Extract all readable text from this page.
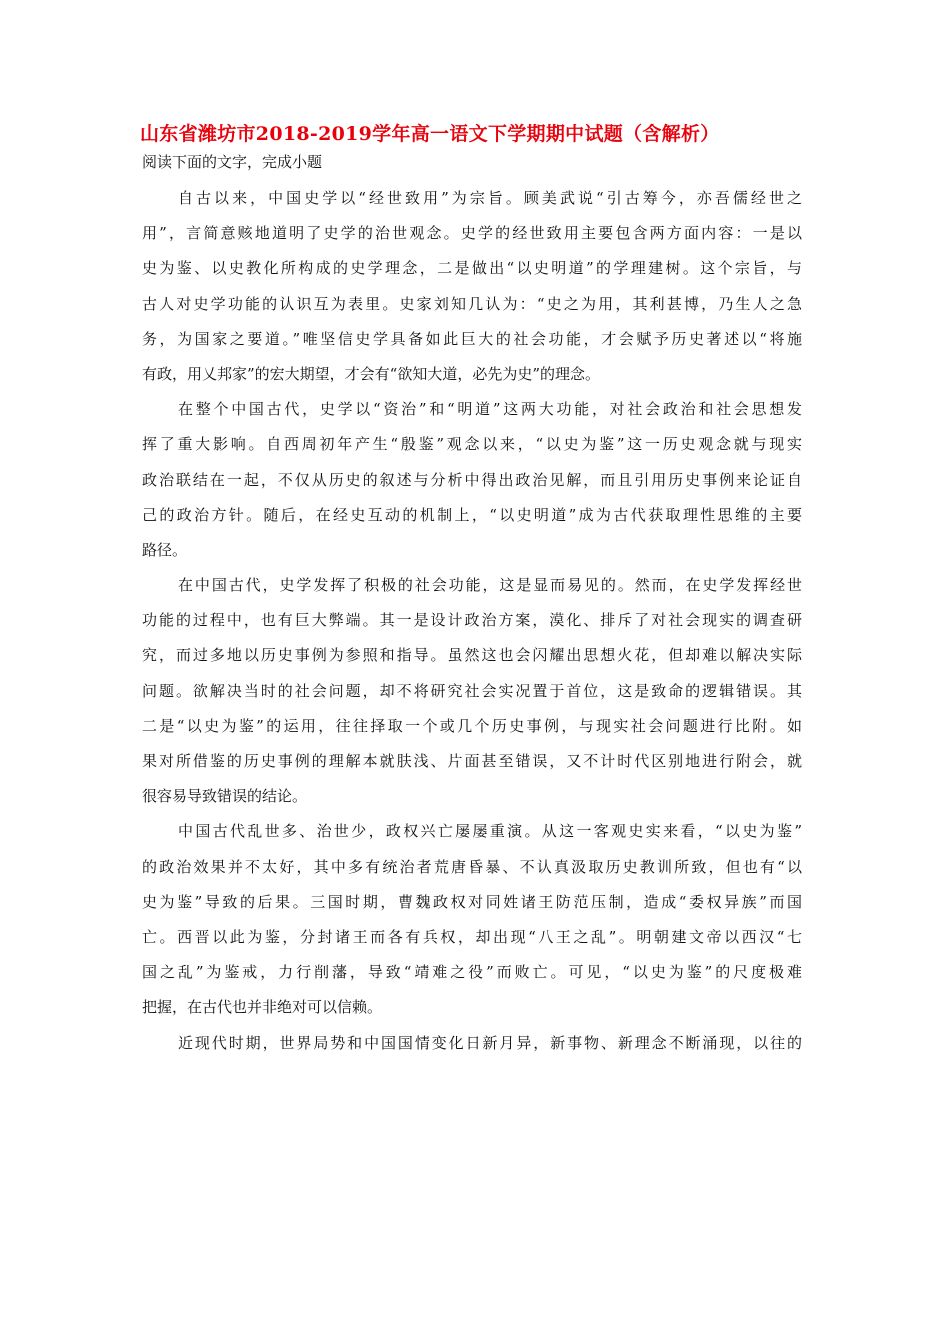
山东省潍坊市2018-2019学年高一语文下学期期中试题（含解析）
阅读下面的文字，完成小题
自古以来，中国史学以“经世致用”为宗旨。顾美武说“引古筹今，亦吾儒经世之
用”，言简意赅地道明了史学的治世观念。史学的经世致用主要包含两方面内容：一是以
史为鉴、以史教化所构成的史学理念，二是做出“以史明道”的学理建树。这个宗旨，与
古人对史学功能的认识互为表里。史家刘知几认为：“史之为用，其利甚博，乃生人之急
务，为国家之要道。”唯坚信史学具备如此巨大的社会功能，才会赋予历史著述以“将施
有政，用乂邦家”的宏大期望，才会有“欲知大道，必先为史”的理念。
在整个中国古代，史学以“资治”和“明道”这两大功能，对社会政治和社会思想发
挥了重大影响。自西周初年产生“殷鉴”观念以来，“以史为鉴”这一历史观念就与现实
政治联结在一起，不仅从历史的叙述与分析中得出政治见解，而且引用历史事例来论证自
己的政治方针。随后，在经史互动的机制上，“以史明道”成为古代获取理性思维的主要
路径。
在中国古代，史学发挥了积极的社会功能，这是显而易见的。然而，在史学发挥经世
功能的过程中，也有巨大弊端。其一是设计政治方案，漠化、排斥了对社会现实的调查研
究，而过多地以历史事例为参照和指导。虽然这也会闪耀出思想火花，但却难以解决实际
问题。欲解决当时的社会问题，却不将研究社会实况置于首位，这是致命的逻辑错误。其
二是“以史为鉴”的运用，往往择取一个或几个历史事例，与现实社会问题进行比附。如
果对所借鉴的历史事例的理解本就肤浅、片面甚至错误，又不计时代区别地进行附会，就
很容易导致错误的结论。
中国古代乱世多、治世少，政权兴亡屡屡重演。从这一客观史实来看，“以史为鉴”
的政治效果并不太好，其中多有统治者荒唐昏暴、不认真汲取历史教训所致，但也有“以
史为鉴”导致的后果。三国时期，曹魏政权对同姓诸王防范压制，造成“委权异族”而国
亡。西晋以此为鉴，分封诸王而各有兵权，却出现“八王之乱”。明朝建文帝以西汉“七
国之乱”为鉴戒，力行削藩，导致“靖难之役”而败亡。可见，“以史为鉴”的尺度极难
把握，在古代也并非绝对可以信赖。
近现代时期，世界局势和中国国情变化日新月异，新事物、新理念不断涌现，以往的
